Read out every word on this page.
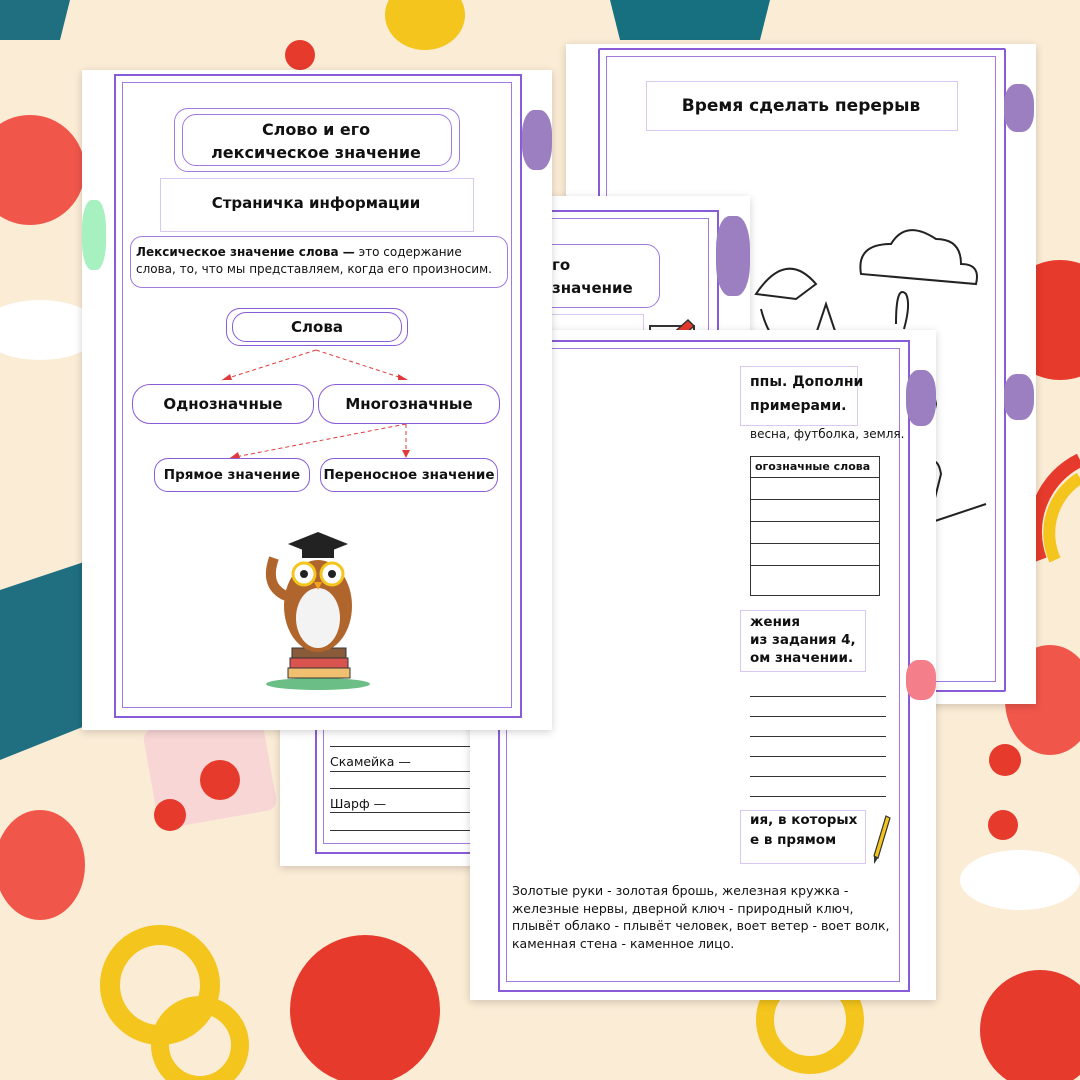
Время сделать перерыв
го
значение
Скамейка —
Шарф —
ппы. Дополни
примерами.
весна, футболка, земля.
огозначные слова
жения
из задания 4,
ом значении.
ия, в которых
е в прямом
Золотые руки - золотая брошь, железная кружка - железные нервы, дверной ключ - природный ключ, плывёт облако - плывёт человек, воет ветер - воет волк, каменная стена - каменное лицо.
Слово и его
лексическое значение
Страничка информации
Лексическое значение слова — это содержание слова, то, что мы представляем, когда его произносим.
Слова
Однозначные	Многозначные
Прямое значение	Переносное значение
